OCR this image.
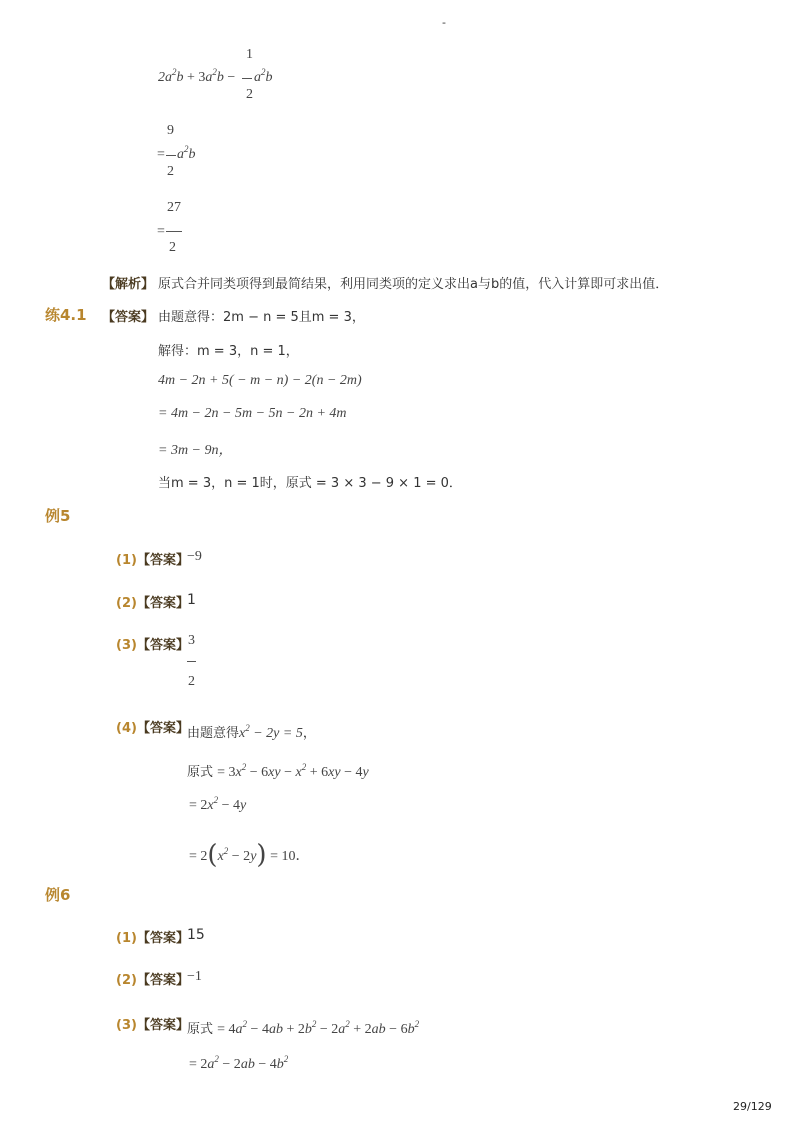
-
$2a^2b + 3a^2b$ −
1
2
$a^2b$
9
=
2
$a^2b$
27
=
2
【解析】 原式合并同类项得到最简结果，利用同类项的定义求出a与b的值，代入计算即可求出值．
练4.1 【答案】 由题意得：2m − n = 5且m = 3，
解得：m = 3，n = 1，
4m − 2n + 5( − m − n) − 2(n − 2m)
= 4m − 2n − 5m − 5n − 2n + 4m
= 3m − 9n，
当m = 3，n = 1时，原式 = 3 × 3 − 9 × 1 = 0．
例5
(1)【答案】
−9
(2)【答案】
1
(3)【答案】 3
2
(4)【答案】
由题意得$x^2 - 2y = 5$，
原式 = $3x^2 - 6xy - x^2 + 6xy - 4y$
= $2x^2 - 4y$
= $2(x^2 - 2y) = 10$．
例6
(1)【答案】
15
(2)【答案】
−1
(3)【答案】
原式 = $4a^2 - 4ab + 2b^2 - 2a^2 + 2ab - 6b^2$
= $2a^2 - 2ab - 4b^2$
29/129
